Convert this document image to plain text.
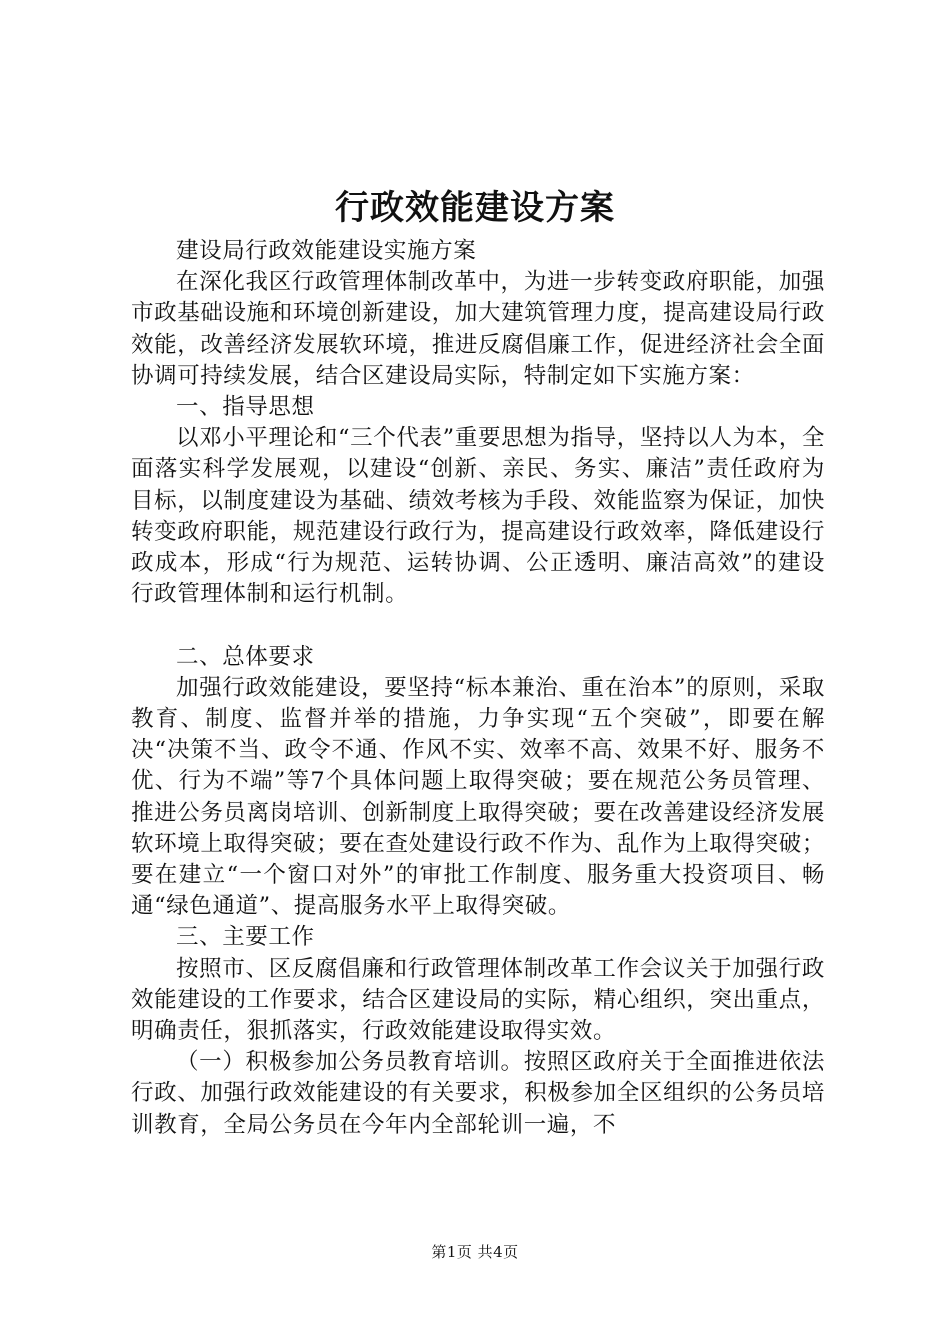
行政效能建设方案

建设局行政效能建设实施方案

在深化我区行政管理体制改革中，为进一步转变政府职能，加强市政基础设施和环境创新建设，加大建筑管理力度，提高建设局行政效能，改善经济发展软环境，推进反腐倡廉工作，促进经济社会全面协调可持续发展，结合区建设局实际，特制定如下实施方案：

一、指导思想

以邓小平理论和“三个代表”重要思想为指导，坚持以人为本，全面落实科学发展观，以建设“创新、亲民、务实、廉洁”责任政府为目标，以制度建设为基础、绩效考核为手段、效能监察为保证，加快转变政府职能，规范建设行政行为，提高建设行政效率，降低建设行政成本，形成“行为规范、运转协调、公正透明、廉洁高效”的建设行政管理体制和运行机制。

二、总体要求

加强行政效能建设，要坚持“标本兼治、重在治本”的原则，采取教育、制度、监督并举的措施，力争实现“五个突破”，即要在解决“决策不当、政令不通、作风不实、效率不高、效果不好、服务不优、行为不端”等7个具体问题上取得突破；要在规范公务员管理、推进公务员离岗培训、创新制度上取得突破；要在改善建设经济发展软环境上取得突破；要在查处建设行政不作为、乱作为上取得突破；要在建立“一个窗口对外”的审批工作制度、服务重大投资项目、畅通“绿色通道”、提高服务水平上取得突破。

三、主要工作

按照市、区反腐倡廉和行政管理体制改革工作会议关于加强行政效能建设的工作要求，结合区建设局的实际，精心组织，突出重点，明确责任，狠抓落实，行政效能建设取得实效。

（一）积极参加公务员教育培训。按照区政府关于全面推进依法行政、加强行政效能建设的有关要求，积极参加全区组织的公务员培训教育，全局公务员在今年内全部轮训一遍，不

第1页 共4页
